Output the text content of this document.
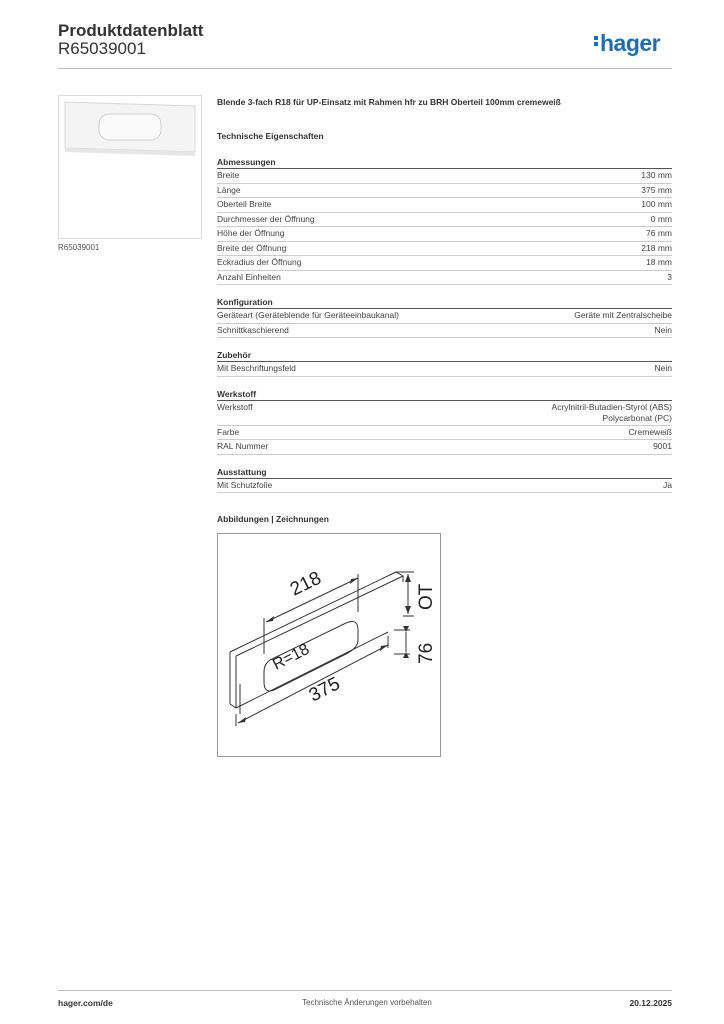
Produktdatenblatt
R65039001	hager
R65039001
Blende 3-fach R18 für UP-Einsatz mit Rahmen hfr zu BRH Oberteil 100mm cremeweiß
Technische Eigenschaften
Abmessungen
Breite	130 mm
Länge	375 mm
Oberteil Breite	100 mm
Durchmesser der Öffnung	0 mm
Höhe der Öffnung	76 mm
Breite der Öffnung	218 mm
Eckradius der Öffnung	18 mm
Anzahl Einheiten	3
Konfiguration
Geräteart (Geräteblende für Geräteeinbaukanal)	Geräte mit Zentralscheibe
Schnittkaschierend	Nein
Zubehör
Mit Beschriftungsfeld	Nein
Werkstoff
Werkstoff	Acrylnitril-Butadien-Styrol (ABS)
Polycarbonat (PC)
Farbe	Cremeweiß
RAL Nummer	9001
Ausstattung
Mit Schutzfolie	Ja
Abbildungen | Zeichnungen
218
375
R=18
OT
76
hager.com/de	Technische Änderungen vorbehalten	20.12.2025
